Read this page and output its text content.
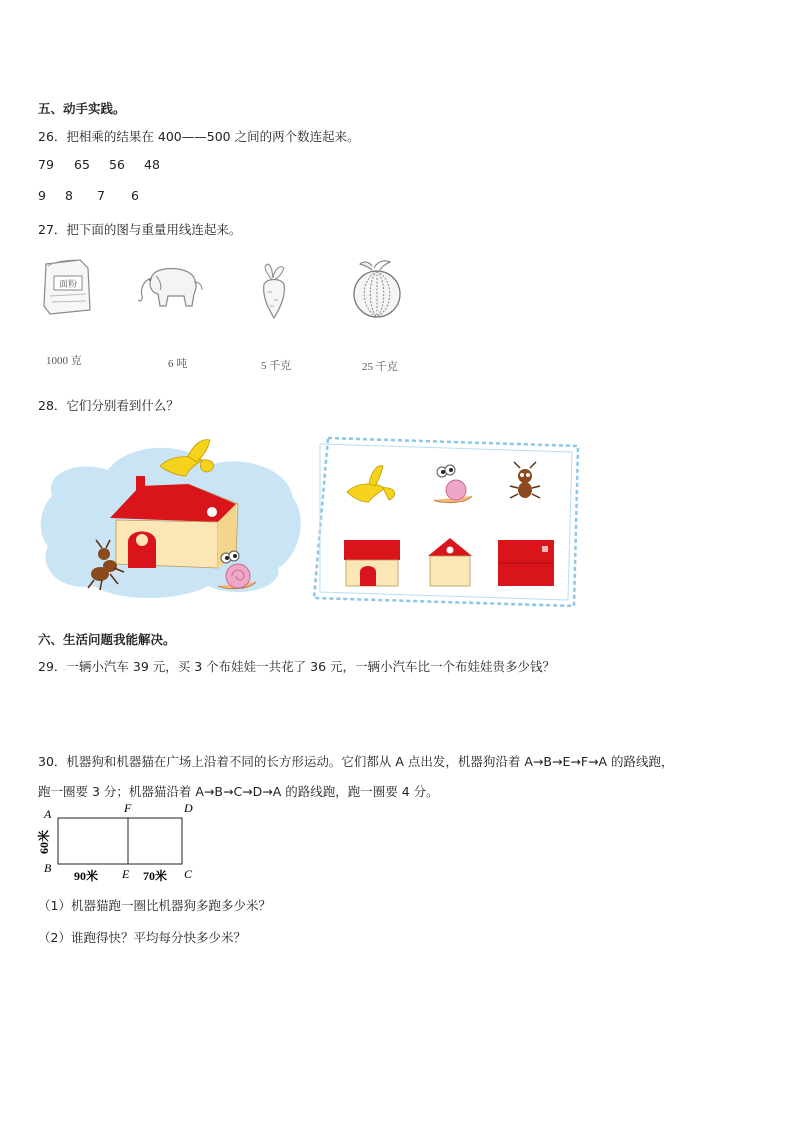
五、动手实践。
26．把相乘的结果在 400——500 之间的两个数连起来。
79 65 56 48
9 8 7 6
27．把下面的图与重量用线连起来。
面粉
1000 克	6 吨	5 千克	25 千克
28．它们分别看到什么？
六、生活问题我能解决。
29．一辆小汽车 39 元，买 3 个布娃娃一共花了 36 元，一辆小汽车比一个布娃娃贵多少钱？
30．机器狗和机器猫在广场上沿着不同的长方形运动。它们都从 A 点出发，机器狗沿着 A→B→E→F→A 的路线跑，
跑一圈要 3 分；机器猫沿着 A→B→C→D→A 的路线跑，跑一圈要 4 分。
A
B	C
D
E
F
60米
90米	70米
（1）机器猫跑一圈比机器狗多跑多少米？
（2）谁跑得快？平均每分快多少米？
